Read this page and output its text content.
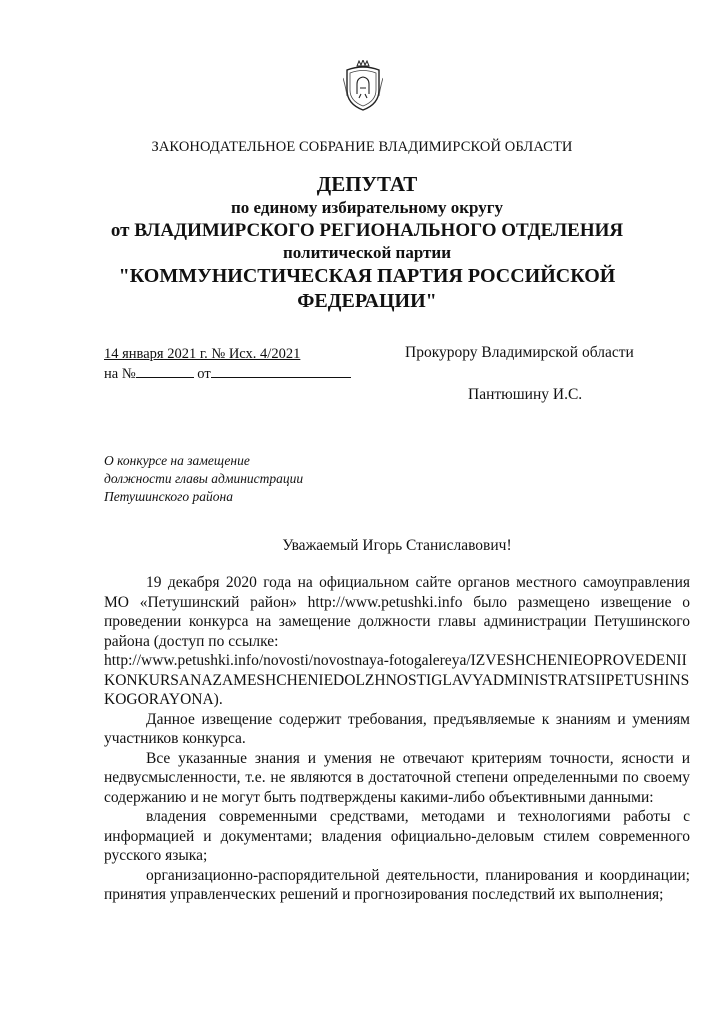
ЗАКОНОДАТЕЛЬНОЕ СОБРАНИЕ ВЛАДИМИРСКОЙ ОБЛАСТИ
ДЕПУТАТ
по единому избирательному округу
от ВЛАДИМИРСКОГО РЕГИОНАЛЬНОГО ОТДЕЛЕНИЯ
политической партии
"КОММУНИСТИЧЕСКАЯ ПАРТИЯ РОССИЙСКОЙ ФЕДЕРАЦИИ"
14 января 2021 г. № Исх. 4/2021
на №	от
Прокурору Владимирской области
Пантюшину И.С.
О конкурсе на замещение
должности главы администрации
Петушинского района
Уважаемый Игорь Станиславович!

19 декабря 2020 года на официальном сайте органов местного самоуправления МО «Петушинский район» http://www.petushki.info было размещено извещение о проведении конкурса на замещение должности главы администрации Петушинского района (доступ по ссылке:

http://www.petushki.info/novosti/novostnaya-fotogalereya/IZVESHCHENIEOPROVEDENIIKONKURSANAZAMESHCHENIEDOLZHNOSTIGLAVYADMINISTRATSIIPETUSHINSKOGORAYONA).

Данное извещение содержит требования, предъявляемые к знаниям и умениям участников конкурса.

Все указанные знания и умения не отвечают критериям точности, ясности и недвусмысленности, т.е. не являются в достаточной степени определенными по своему содержанию и не могут быть подтверждены какими-либо объективными данными:

владения современными средствами, методами и технологиями работы с информацией и документами; владения официально-деловым стилем современного русского языка;

организационно-распорядительной деятельности, планирования и координации; принятия управленческих решений и прогнозирования последствий их выполнения;
